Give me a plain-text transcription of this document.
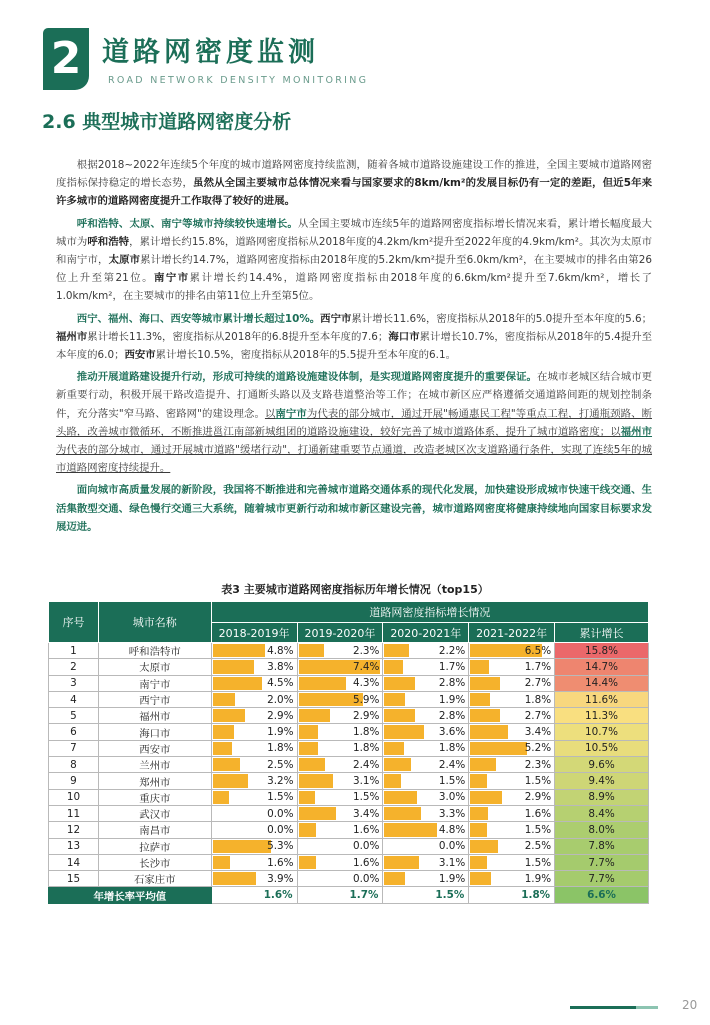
2 道路网密度监测
ROAD NETWORK DENSITY MONITORING
2.6 典型城市道路网密度分析

根据2018~2022年连续5个年度的城市道路网密度持续监测，随着各城市道路设施建设工作的推进，全国主要城市道路网密度指标保持稳定的增长态势，虽然从全国主要城市总体情况来看与国家要求的8km/km²的发展目标仍有一定的差距，但近5年来许多城市的道路网密度提升工作取得了较好的进展。

呼和浩特、太原、南宁等城市持续较快速增长。从全国主要城市连续5年的道路网密度指标增长情况来看，累计增长幅度最大城市为呼和浩特，累计增长约15.8%，道路网密度指标从2018年度的4.2km/km²提升至2022年度的4.9km/km²。其次为太原市和南宁市，太原市累计增长约14.7%，道路网密度指标由2018年度的5.2km/km²提升至6.0km/km²，在主要城市的排名由第26位上升至第21位。南宁市累计增长约14.4%，道路网密度指标由2018年度的6.6km/km²提升至7.6km/km²，增长了1.0km/km²，在主要城市的排名由第11位上升至第5位。

西宁、福州、海口、西安等城市累计增长超过10%。西宁市累计增长11.6%，密度指标从2018年的5.0提升至本年度的5.6；福州市累计增长11.3%，密度指标从2018年的6.8提升至本年度的7.6；海口市累计增长10.7%，密度指标从2018年的5.4提升至本年度的6.0；西安市累计增长10.5%，密度指标从2018年的5.5提升至本年度的6.1。

推动开展道路建设提升行动，形成可持续的道路设施建设体制，是实现道路网密度提升的重要保证。在城市老城区结合城市更新重要行动，积极开展干路改造提升、打通断头路以及支路巷道整治等工作；在城市新区应严格遵循交通道路间距的规划控制条件，充分落实"窄马路、密路网"的建设理念。以南宁市为代表的部分城市，通过开展"畅通惠民工程"等重点工程，打通瓶颈路、断头路，改善城市微循环，不断推进邕江南部新城组团的道路设施建设，较好完善了城市道路体系，提升了城市道路密度；以福州市为代表的部分城市，通过开展城市道路"缓堵行动"，打通新建重要节点通道，改造老城区次支道路通行条件，实现了连续5年的城市道路网密度持续提升。

面向城市高质量发展的新阶段，我国将不断推进和完善城市道路交通体系的现代化发展，加快建设形成城市快速干线交通、生活集散型交通、绿色慢行交通三大系统，随着城市更新行动和城市新区建设完善，城市道路网密度将健康持续地向国家目标要求发展迈进。

表3 主要城市道路网密度指标历年增长情况（top15）
序号	城市名称	道路网密度指标增长情况				
		2018-2019年	2019-2020年	2020-2021年	2021-2022年	累计增长
1	呼和浩特市	4.8%	2.3%	2.2%	6.5%	15.8%
2	太原市	3.8%	7.4%	1.7%	1.7%	14.7%
3	南宁市	4.5%	4.3%	2.8%	2.7%	14.4%
4	西宁市	2.0%	5.9%	1.9%	1.8%	11.6%
5	福州市	2.9%	2.9%	2.8%	2.7%	11.3%
6	海口市	1.9%	1.8%	3.6%	3.4%	10.7%
7	西安市	1.8%	1.8%	1.8%	5.2%	10.5%
8	兰州市	2.5%	2.4%	2.4%	2.3%	9.6%
9	郑州市	3.2%	3.1%	1.5%	1.5%	9.4%
10	重庆市	1.5%	1.5%	3.0%	2.9%	8.9%
11	武汉市	0.0%	3.4%	3.3%	1.6%	8.4%
12	南昌市	0.0%	1.6%	4.8%	1.5%	8.0%
13	拉萨市	5.3%	0.0%	0.0%	2.5%	7.8%
14	长沙市	1.6%	1.6%	3.1%	1.5%	7.7%
15	石家庄市	3.9%	0.0%	1.9%	1.9%	7.7%
年增长率平均值		1.6%	1.7%	1.5%	1.8%	6.6%
20
